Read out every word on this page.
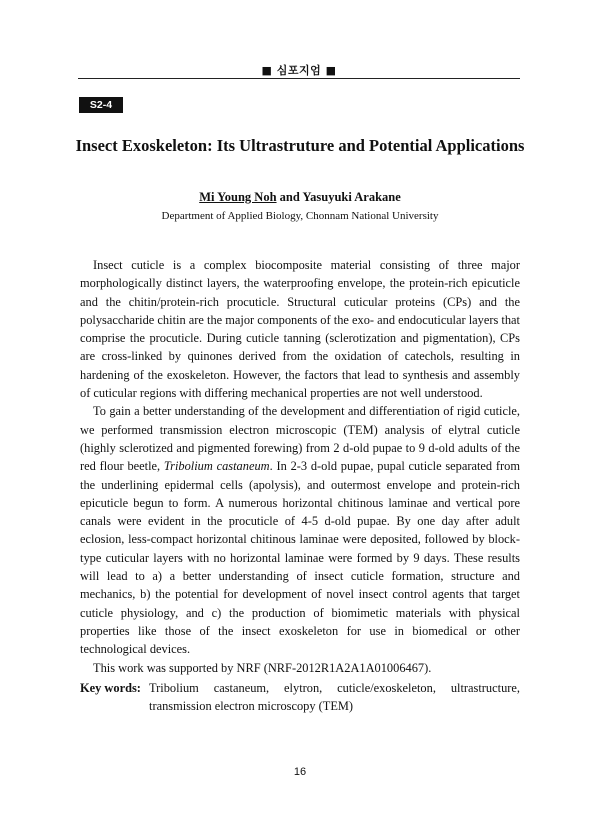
■ 심포지엄 ■
S2-4
Insect Exoskeleton: Its Ultrastruture and Potential Applications
Mi Young Noh and Yasuyuki Arakane
Department of Applied Biology, Chonnam National University

Insect cuticle is a complex biocomposite material consisting of three major morphologically distinct layers, the waterproofing envelope, the protein-rich epicuticle and the chitin/protein-rich procuticle. Structural cuticular proteins (CPs) and the polysaccharide chitin are the major components of the exo- and endocuticular layers that comprise the procuticle. During cuticle tanning (sclerotization and pigmentation), CPs are cross-linked by quinones derived from the oxidation of catechols, resulting in hardening of the exoskeleton. However, the factors that lead to synthesis and assembly of cuticular regions with differing mechanical properties are not well understood.

To gain a better understanding of the development and differentiation of rigid cuticle, we performed transmission electron microscopic (TEM) analysis of elytral cuticle (highly sclerotized and pigmented forewing) from 2 d-old pupae to 9 d-old adults of the red flour beetle, Tribolium castaneum. In 2-3 d-old pupae, pupal cuticle separated from the underlining epidermal cells (apolysis), and outermost envelope and protein-rich epicuticle begun to form. A numerous horizontal chitinous laminae and vertical pore canals were evident in the procuticle of 4-5 d-old pupae. By one day after adult eclosion, less-compact horizontal chitinous laminae were deposited, followed by block-type cuticular layers with no horizontal laminae were formed by 9 days. These results will lead to a) a better understanding of insect cuticle formation, structure and mechanics, b) the potential for development of novel insect control agents that target cuticle physiology, and c) the production of biomimetic materials with physical properties like those of the insect exoskeleton for use in biomedical or other technological devices.

This work was supported by NRF (NRF-2012R1A2A1A01006467).

Key words: Tribolium castaneum, elytron, cuticle/exoskeleton, ultrastructure, transmission electron microscopy (TEM)
16
